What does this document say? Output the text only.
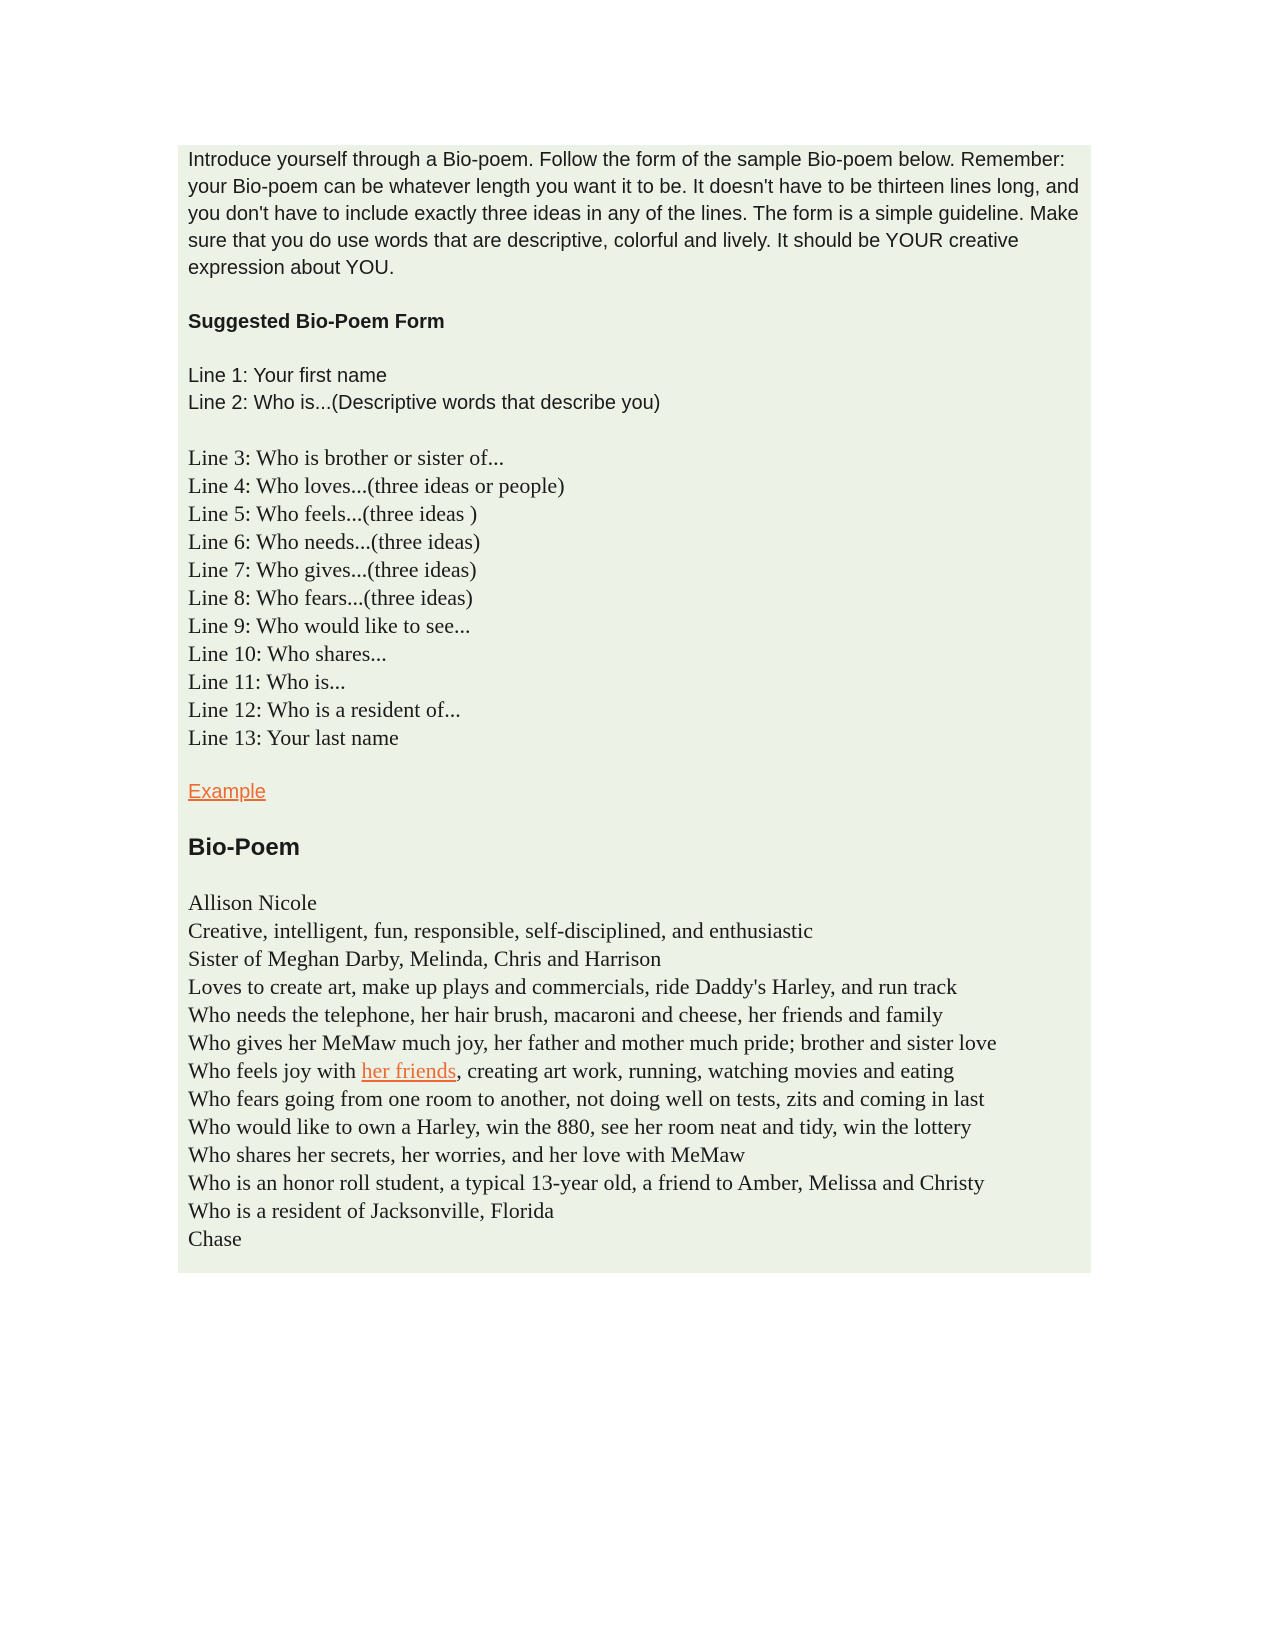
Introduce yourself through a Bio-poem. Follow the form of the sample Bio-poem below. Remember: your Bio-poem can be whatever length you want it to be. It doesn't have to be thirteen lines long, and you don't have to include exactly three ideas in any of the lines. The form is a simple guideline. Make sure that you do use words that are descriptive, colorful and lively. It should be YOUR creative expression about YOU.

Suggested Bio-Poem Form
Line 1: Your first name
Line 2: Who is...(Descriptive words that describe you)
Line 3: Who is brother or sister of...
Line 4: Who loves...(three ideas or people)
Line 5: Who feels...(three ideas )
Line 6: Who needs...(three ideas)
Line 7: Who gives...(three ideas)
Line 8: Who fears...(three ideas)
Line 9: Who would like to see...
Line 10: Who shares...
Line 11: Who is...
Line 12: Who is a resident of...
Line 13: Your last name
Example
Bio-Poem
Allison Nicole
Creative, intelligent, fun, responsible, self-disciplined, and enthusiastic
Sister of Meghan Darby, Melinda, Chris and Harrison
Loves to create art, make up plays and commercials, ride Daddy's Harley, and run track
Who needs the telephone, her hair brush, macaroni and cheese, her friends and family
Who gives her MeMaw much joy, her father and mother much pride; brother and sister love
Who feels joy with her friends, creating art work, running, watching movies and eating
Who fears going from one room to another, not doing well on tests, zits and coming in last
Who would like to own a Harley, win the 880, see her room neat and tidy, win the lottery
Who shares her secrets, her worries, and her love with MeMaw
Who is an honor roll student, a typical 13-year old, a friend to Amber, Melissa and Christy
Who is a resident of Jacksonville, Florida
Chase
